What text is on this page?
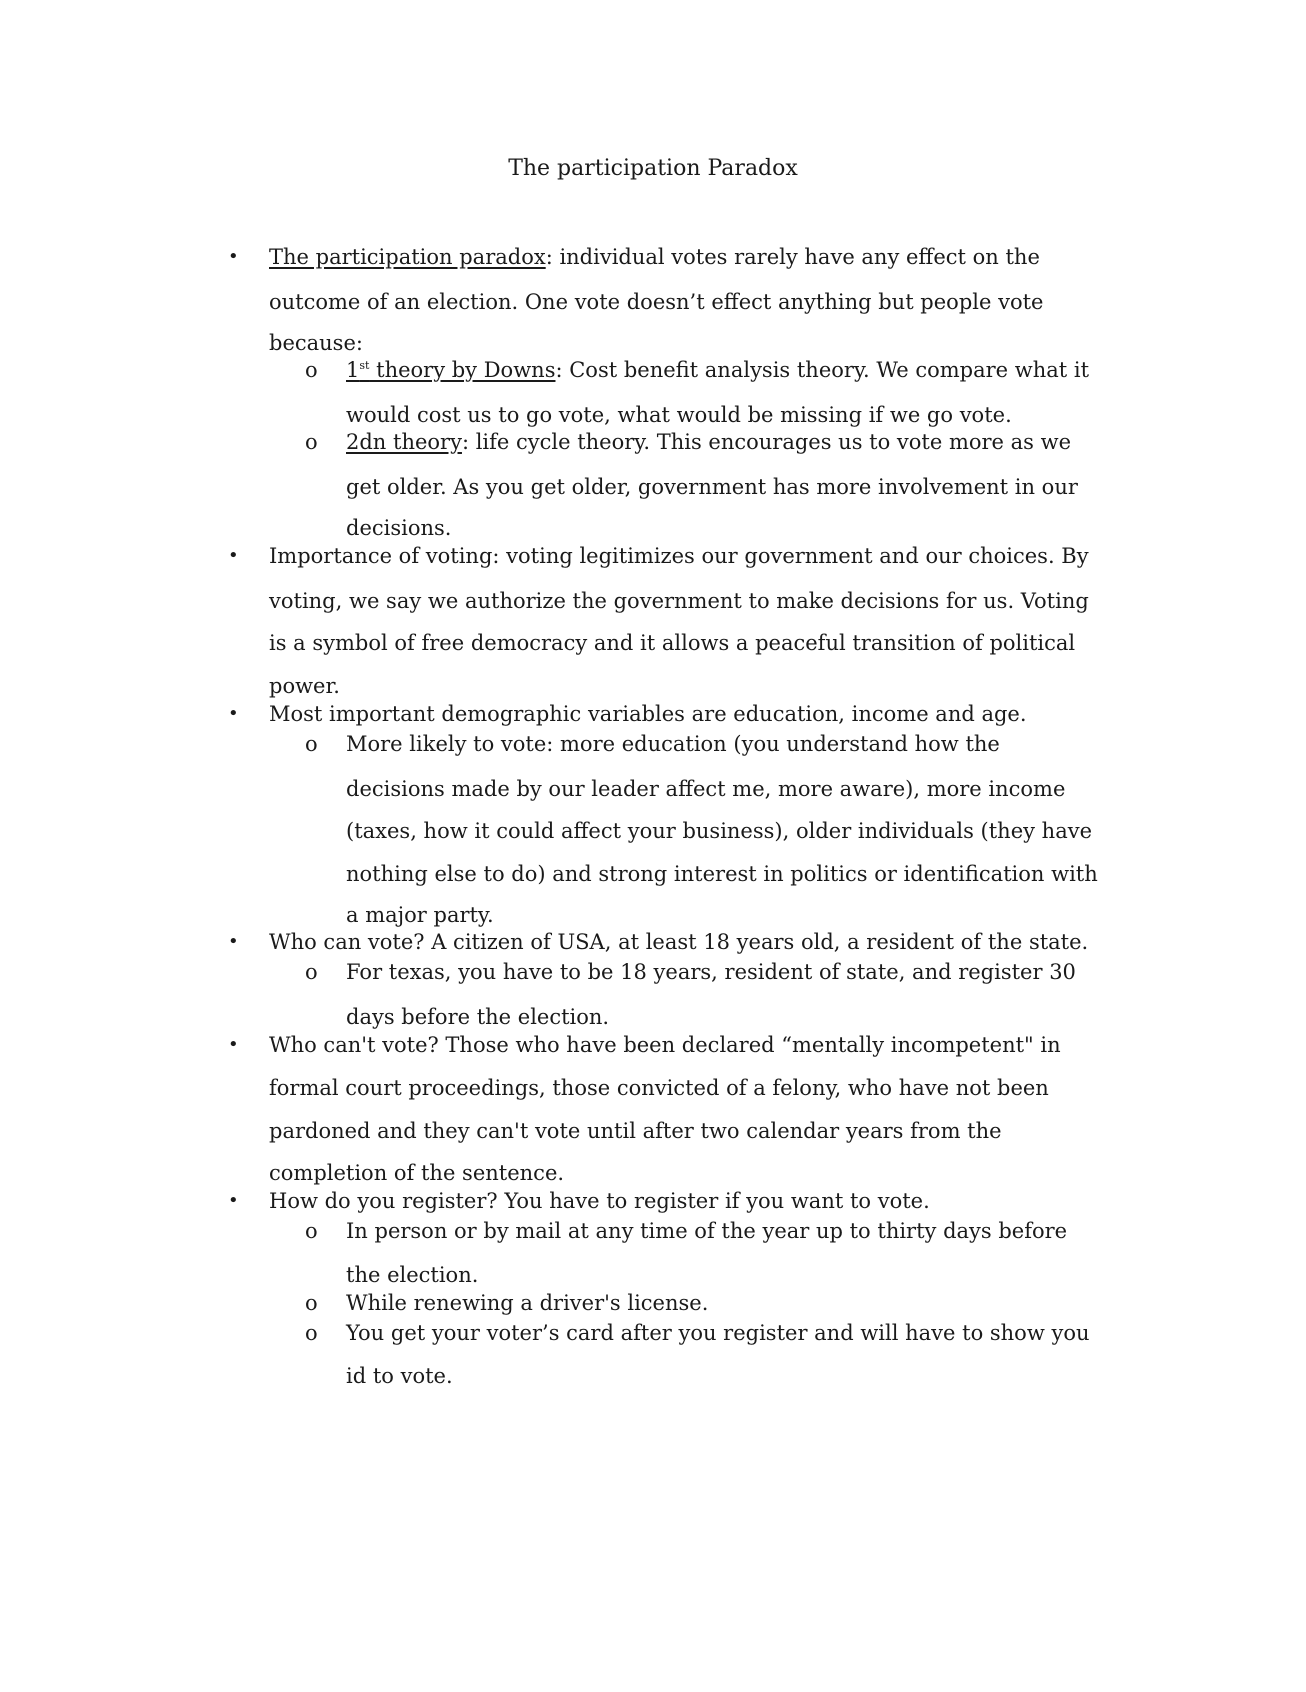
The participation Paradox
• The participation paradox: individual votes rarely have any effect on the

outcome of an election. One vote doesn’t effect anything but people vote

because:

o 1st theory by Downs: Cost benefit analysis theory. We compare what it

would cost us to go vote, what would be missing if we go vote.

o 2dn theory: life cycle theory. This encourages us to vote more as we

get older. As you get older, government has more involvement in our

decisions.

• Importance of voting: voting legitimizes our government and our choices. By

voting, we say we authorize the government to make decisions for us. Voting

is a symbol of free democracy and it allows a peaceful transition of political

power.

• Most important demographic variables are education, income and age.

o More likely to vote: more education (you understand how the

decisions made by our leader affect me, more aware), more income

(taxes, how it could affect your business), older individuals (they have

nothing else to do) and strong interest in politics or identification with

a major party.

• Who can vote? A citizen of USA, at least 18 years old, a resident of the state.

o For texas, you have to be 18 years, resident of state, and register 30

days before the election.

• Who can't vote? Those who have been declared “mentally incompetent" in

formal court proceedings, those convicted of a felony, who have not been

pardoned and they can't vote until after two calendar years from the

completion of the sentence.

• How do you register? You have to register if you want to vote.

o In person or by mail at any time of the year up to thirty days before

the election.

o While renewing a driver's license.

o You get your voter’s card after you register and will have to show you

id to vote.
